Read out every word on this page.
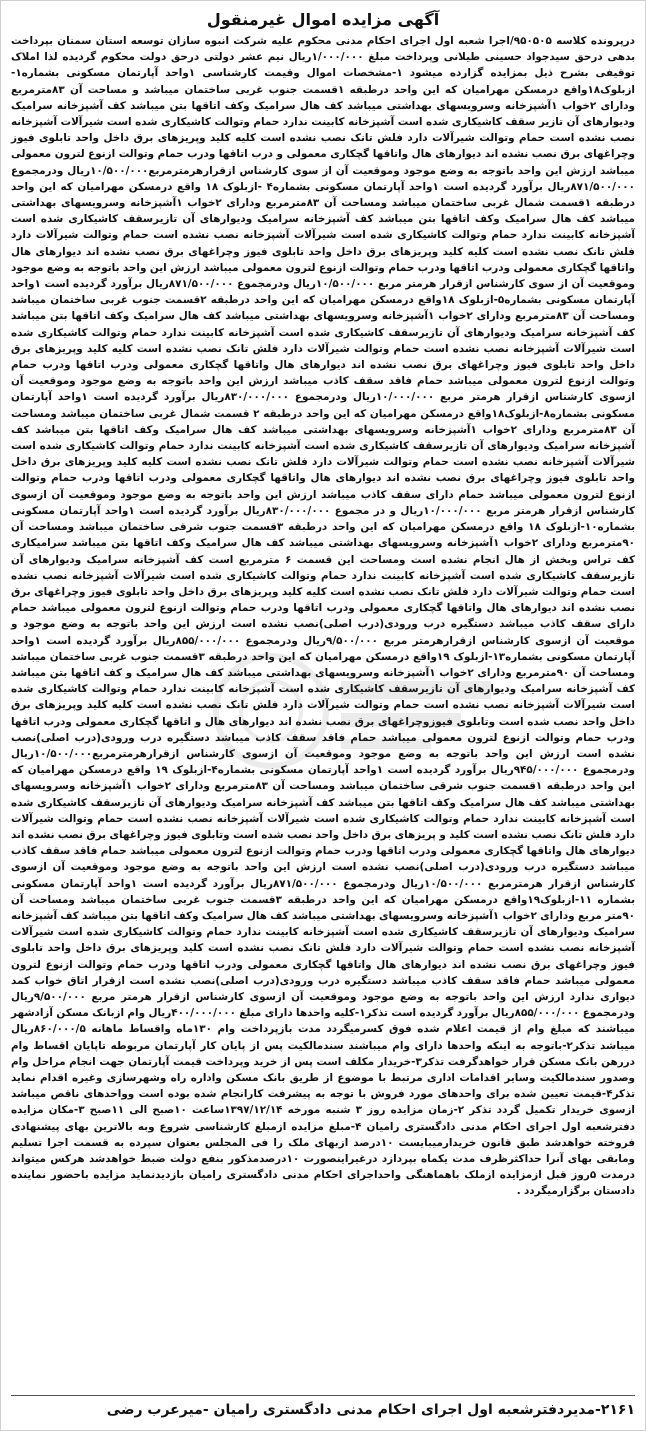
آگهی مزایده اموال غیرمنقول

درپرونده کلاسه ۹۵۰۵۰۵/اجرا شعبه اول اجرای احکام مدنی محکوم علیه شرکت انبوه سازان توسعه استان سمنان بپرداخت بدهی درحق سیدجواد حسینی طیلانی وپرداخت مبلغ ۱/۰۰۰/۰۰۰ریال نیم عشر دولتی درحق دولت محکوم گردیده لذا املاک توقیفی بشرح ذیل بمزایده گزارده میشود ۱-مشخصات اموال وقیمت کارشناسی ۱واحد آپارتمان مسکونی بشماره۱-ازبلوک۱۸واقع درمسکن مهرامیان که این واحد درطبقه ۱قسمت جنوب غربی ساختمان میباشد و مساحت آن ۸۳مترمربع ودارای ۲خواب ۱آشپزخانه وسرویسهای بهداشتی میباشد کف هال سرامیک وکف اتاقها بتن میباشد کف آشپزخانه سرامیک ودیوارهای آن تازیر سقف کاشیکاری شده است آشپزخانه کابینت ندارد حمام وتوالت کاشیکاری شده است شیرآلات آشپزخانه نصب نشده است حمام وتوالت شیرآلات دارد فلش تانک نصب نشده است کلیه کلید وپریزهای برق داخل واحد تابلوی فیوز وچراغهای برق نصب نشده اند دیوارهای هال واتاقها گچکاری معمولی و درب اتاقها ودرب حمام وتوالت ازنوع لترون معمولی میباشد ارزش این واحد باتوجه به وضع موجود وموقعیت آن از سوی کارشناس ازقرارهرمترمربع۱۰/۵۰۰/۰۰۰ریال ودرمجموع ۸۷۱/۵۰۰/۰۰۰ریال برآورد گردیده است ۱واحد آپارتمان مسکونی بشماره۴ -ازبلوک ۱۸ واقع درمسکن مهرامیان که این واحد درطبقه ۱قسمت شمال غربی ساختمان میباشد ومساحت آن ۸۳مترمربع ودارای ۲خواب ۱آشپزخانه وسرویسهای بهداشتی میباشد کف هال سرامیک وکف اتاقها بتن میباشد کف آشپزخانه سرامیک ودیوارهای آن تازیرسقف کاشیکاری شده است آشپزخانه کابینت ندارد حمام وتوالت کاشیکاری شده است شیرآلات آشپزخانه نصب نشده است حمام وتوالت شیرآلات دارد فلش تانک نصب نشده است کلیه کلید وپریزهای برق داخل واحد تابلوی فیوز وچراغهای برق نصب نشده اند دیوارهای هال واتاقها گچکاری معمولی ودرب اتاقها ودرب حمام وتوالت ازنوع لترون معمولی میباشد ارزش این واحد باتوجه به وضع موجود وموقعیت آن از سوی کارشناس ازقرار هرمتر مربع ۱۰/۵۰۰/۰۰۰ریال ودرمجموع ۸۷۱/۵۰۰/۰۰۰ریال برآورد گردیده است ۱واحد آپارتمان مسکونی بشماره۵-ازبلوک ۱۸واقع درمسکن مهرامیان که این واحد درطبقه ۲قسمت جنوب غربی ساختمان میباشد ومساحت آن ۸۳مترمربع ودارای ۲خواب ۱آشپزخانه وسرویسهای بهداشتی میباشد کف هال سرامیک وکف اتاقها بتن میباشد کف آشپزخانه سرامیک ودیوارهای آن تازیرسقف کاشیکاری شده است آشپزخانه کابینت ندارد حمام وتوالت کاشیکاری شده است شیرآلات آشپزخانه نصب نشده است حمام وتوالت شیرآلات دارد فلش تانک نصب نشده است کلیه کلید وپریزهای برق داخل واحد تابلوی فیوز وچراغهای برق نصب نشده اند دیوارهای هال واتاقها گچکاری معمولی ودرب اتاقها ودرب حمام وتوالت ازنوع لترون معمولی میباشد حمام فاقد سقف کاذب میباشد ارزش این واحد باتوجه به وضع موجود وموقعیت آن ازسوی کارشناس ازقرار هرمتر مربع ۱۰/۰۰۰/۰۰۰ریال ودرمجموع ۸۳۰/۰۰۰/۰۰۰ریال برآورد گردیده است ۱واحد آپارتمان مسکونی بشماره۸-ازبلوک۱۸واقع درمسکن مهرامیان که این واحد درطبقه ۲ قسمت شمال غربی ساختمان میباشد ومساحت آن ۸۳مترمربع ودارای ۲خواب ۱آشپزخانه وسرویسهای بهداشتی میباشد کف هال سرامیک وکف اتاقها بتن میباشد کف آشپزخانه سرامیک ودیوارهای آن تازیرسقف کاشیکاری شده است آشپزخانه کابینت ندارد حمام وتوالت کاشیکاری شده است شیرآلات آشپزخانه نصب نشده است حمام وتوالت شیرآلات دارد فلش تانک نصب نشده است کلیه کلید وپریزهای برق داخل واحد تابلوی فیوز وچراغهای برق نصب نشده اند دیوارهای هال واتاقها گچکاری معمولی ودرب اتاقها ودرب حمام وتوالت ازنوع لترون معمولی میباشد حمام دارای سقف کاذب میباشد ارزش این واحد باتوجه به وضع موجود وموقعیت آن ازسوی کارشناس ازقرار هرمتر مربع ۱۰/۰۰۰/۰۰۰ریال و در مجموع ۸۳۰/۰۰۰/۰۰۰ریال برآورد گردیده است ۱واحد آپارتمان مسکونی بشماره۱۰-ازبلوک ۱۸ واقع درمسکن مهرامیان که این واحد درطبقه ۳قسمت جنوب شرقی ساختمان میباشد ومساحت آن ۹۰مترمربع ودارای ۲خواب ۱آشپزخانه وسرویسهای بهداشتی میباشد کف هال سرامیک وکف اتاقها بتن میباشد سرامیکاری کف تراس وبخش از هال انجام نشده است ومساحت این قسمت ۶ مترمربع است کف آشپزخانه سرامیک ودیوارهای آن تازیرسقف کاشیکاری شده است آشپزخانه کابینت ندارد حمام وتوالت کاشیکاری شده است شیرآلات آشپزخانه نصب نشده است حمام وتوالت شیرآلات دارد فلش تانک نصب نشده است کلیه کلید وپریزهای برق داخل واحد تابلوی فیوز وچراغهای برق نصب نشده اند دیوارهای هال واتاقها گچکاری معمولی ودرب اتاقها ودرب حمام وتوالت ازنوع لترون معمولی میباشد حمام دارای سقف کاذب میباشد دستگیره درب ورودی(درب اصلی)نصب نشده است ارزش این واحد باتوجه به وضع موجود و موقعیت آن ازسوی کارشناس ازقرارهرمتر مربع ۹/۵۰۰/۰۰۰ریال ودرمجموع ۸۵۵/۰۰۰/۰۰۰ریال برآورد گردیده است ۱واحد آپارتمان مسکونی بشماره۱۳-ازبلوک ۱۹واقع درمسکن مهرامیان که این واحد درطبقه ۳قسمت جنوب غربی ساختمان میباشد ومساحت آن ۹۰مترمربع ودارای ۲خواب ۱آشپزخانه وسرویسهای بهداشتی میباشد کف هال سرامیک و کف اتاقها بتن میباشد کف آشپزخانه سرامیک ودیوارهای آن تازیرسقف کاشیکاری شده است آشپزخانه کابینت ندارد حمام وتوالت کاشیکاری شده است شیرآلات آشپزخانه نصب نشده است حمام وتوالت شیرآلات دارد فلش تانک نصب نشده است کلیه کلید وپریزهای برق داخل واحد نصب شده است وتابلوی فیوزوچراغهای برق نصب نشده اند دیوارهای هال و اتاقها گچکاری معمولی ودرب اتاقها ودرب حمام وتوالت ازنوع لترون معمولی میباشد حمام فاقد سقف کاذب میباشد دستگیره درب ورودی(درب اصلی)نصب نشده است ارزش این واحد باتوجه به وضع موجود وموقعیت آن ازسوی کارشناس ازقرارهرمترمربع۱۰/۵۰۰/۰۰۰ریال ودرمجموع ۹۴۵/۰۰۰/۰۰۰ریال برآورد گردیده است ۱واحد آپارتمان مسکونی بشماره۴-ازبلوک ۱۹ واقع درمسکن مهرامیان که این واحد درطبقه ۱قسمت جنوب شرقی ساختمان میباشد ومساحت آن ۸۳مترمربع ودارای ۲خواب ۱آشپزخانه وسرویسهای بهداشتی میباشد کف هال سرامیک وکف اتاقها بتن میباشد کف آشپزخانه سرامیک ودیوارهای آن تازیرسقف کاشیکاری شده است آشپزخانه کابینت ندارد حمام وتوالت کاشیکاری شده است شیرآلات آشپزخانه نصب نشده است حمام وتوالت شیرآلات دارد فلش تانک نصب نشده است کلید و پریزهای برق داخل واحد نصب شده است وتابلوی فیوز وچراغهای برق نصب نشده اند دیوارهای هال واتاقها گچکاری معمولی ودرب اتاقها ودرب حمام وتوالت ازنوع لترون معمولی میباشد حمام فاقد سقف کاذب میباشد دستگیره درب ورودی(درب اصلی)نصب نشده است ارزش این واحد باتوجه به وضع موجود وموقعیت آن ازسوی کارشناس ازقرار هرمترمربع ۱۰/۵۰۰/۰۰۰ریال ودرمجموع ۸۷۱/۵۰۰/۰۰۰ریال برآورد گردیده است ۱واحد آپارتمان مسکونی بشماره ۱۱-ازبلوک۱۹واقع درمسکن مهرامیان که این واحد درطبقه ۳قسمت جنوب غربی ساختمان میباشد ومساحت آن ۹۰متر مربع ودارای ۲خواب ۱آشپزخانه وسرویسهای بهداشتی میباشد کف هال سرامیک وکف اتاقها بتن میباشد کف آشپزخانه سرامیک ودیوارهای آن تازیرسقف کاشیکاری شده است آشپزخانه کابینت ندارد حمام وتوالت کاشیکاری شده است شیرآلات آشپزخانه نصب نشده است حمام وتوالت شیرآلات دارد فلش تانک نصب نشده است کلید وپریزهای برق داخل واحد تابلوی فیوز وچراغهای برق نصب نشده اند دیوارهای هال واتاقها گچکاری معمولی ودرب اتاقها ودرب حمام وتوالت ازنوع لترون معمولی میباشد حمام فاقد سقف کاذب میباشد دستگیره درب ورودی(درب اصلی)نصب نشده است ازقرار اتاق خواب کمد دیواری ندارد ارزش این واحد باتوجه به وضع موجود وموقعیت آن ازسوی کارشناس ازقرار هرمتر مربع ۹/۵۰۰/۰۰۰ریال ودرمجموع ۸۵۵/۰۰۰/۰۰۰ریال برآورد گردیده است تذکر۱-کلیه واحدها دارای مبلغ ۴۰۰/۰۰۰/۰۰۰ریال وام ازبانک مسکن آزادشهر میباشند که مبلغ وام از قیمت اعلام شده فوق کسرمیگردد مدت بازپرداخت وام ۱۳۰ماه واقساط ماهانه ۸۶۰/۰۰۰/۵ریال میباشد تذکر۲-باتوجه به اینکه واحدها دارای وام میباشند سندمالکیت پس از پایان کار آپارتمان مربوطه تاپایان اقساط وام دررهن بانک مسکن قرار خواهدگرفت تذکر۳-خریدار مکلف است پس از خرید وپرداخت قیمت آپارتمان جهت انجام مراحل وام وصدور سندمالکیت وسایر اقدامات اداری مرتبط با موضوع از طریق بانک مسکن واداره راه وشهرسازی وغیره اقدام نماید تذکر۴-قیمت تعیین شده برای واحدهای مورد فروش با توجه به پیشرفت کارانجام شده بوده است وواحدهای ناقص میباشد ازسوی خریدار تکمیل گردد تذکر ۲-زمان مزایده روز ۳ شنبه مورخه ۱۳۹۷/۱۲/۱۴ساعت ۱۰صبح الی ۱۱صبح ۳-مکان مزایده دفترشعبه اول اجرای احکام مدنی دادگستری رامیان ۴-مبلغ مزایده ازمبلغ کارشناسی شروع وبه بالاترین بهای پیشنهادی فروخته خواهدشد طبق قانون خریدارمیبایست ۱۰درصد ازبهای ملک را فی المجلس بعنوان سپرده به قسمت اجرا تسلیم ومابقی بهای آنرا حداکثرظرف مدت یکماه بپردازد درغیراینصورت ۱۰درصدمذکور بنفع دولت ضبط خواهدشد هرکس میتواند درمدت ۵روز قبل ازمزایده ازملک باهماهنگی واحداجرای احکام مدنی دادگستری رامیان بازدیدنماید مزایده باحضور نماینده دادستان برگزارمیگردد .

۲۱۶۱-مدیردفترشعبه اول اجرای احکام مدنی دادگستری رامیان -میرعرب رضی
